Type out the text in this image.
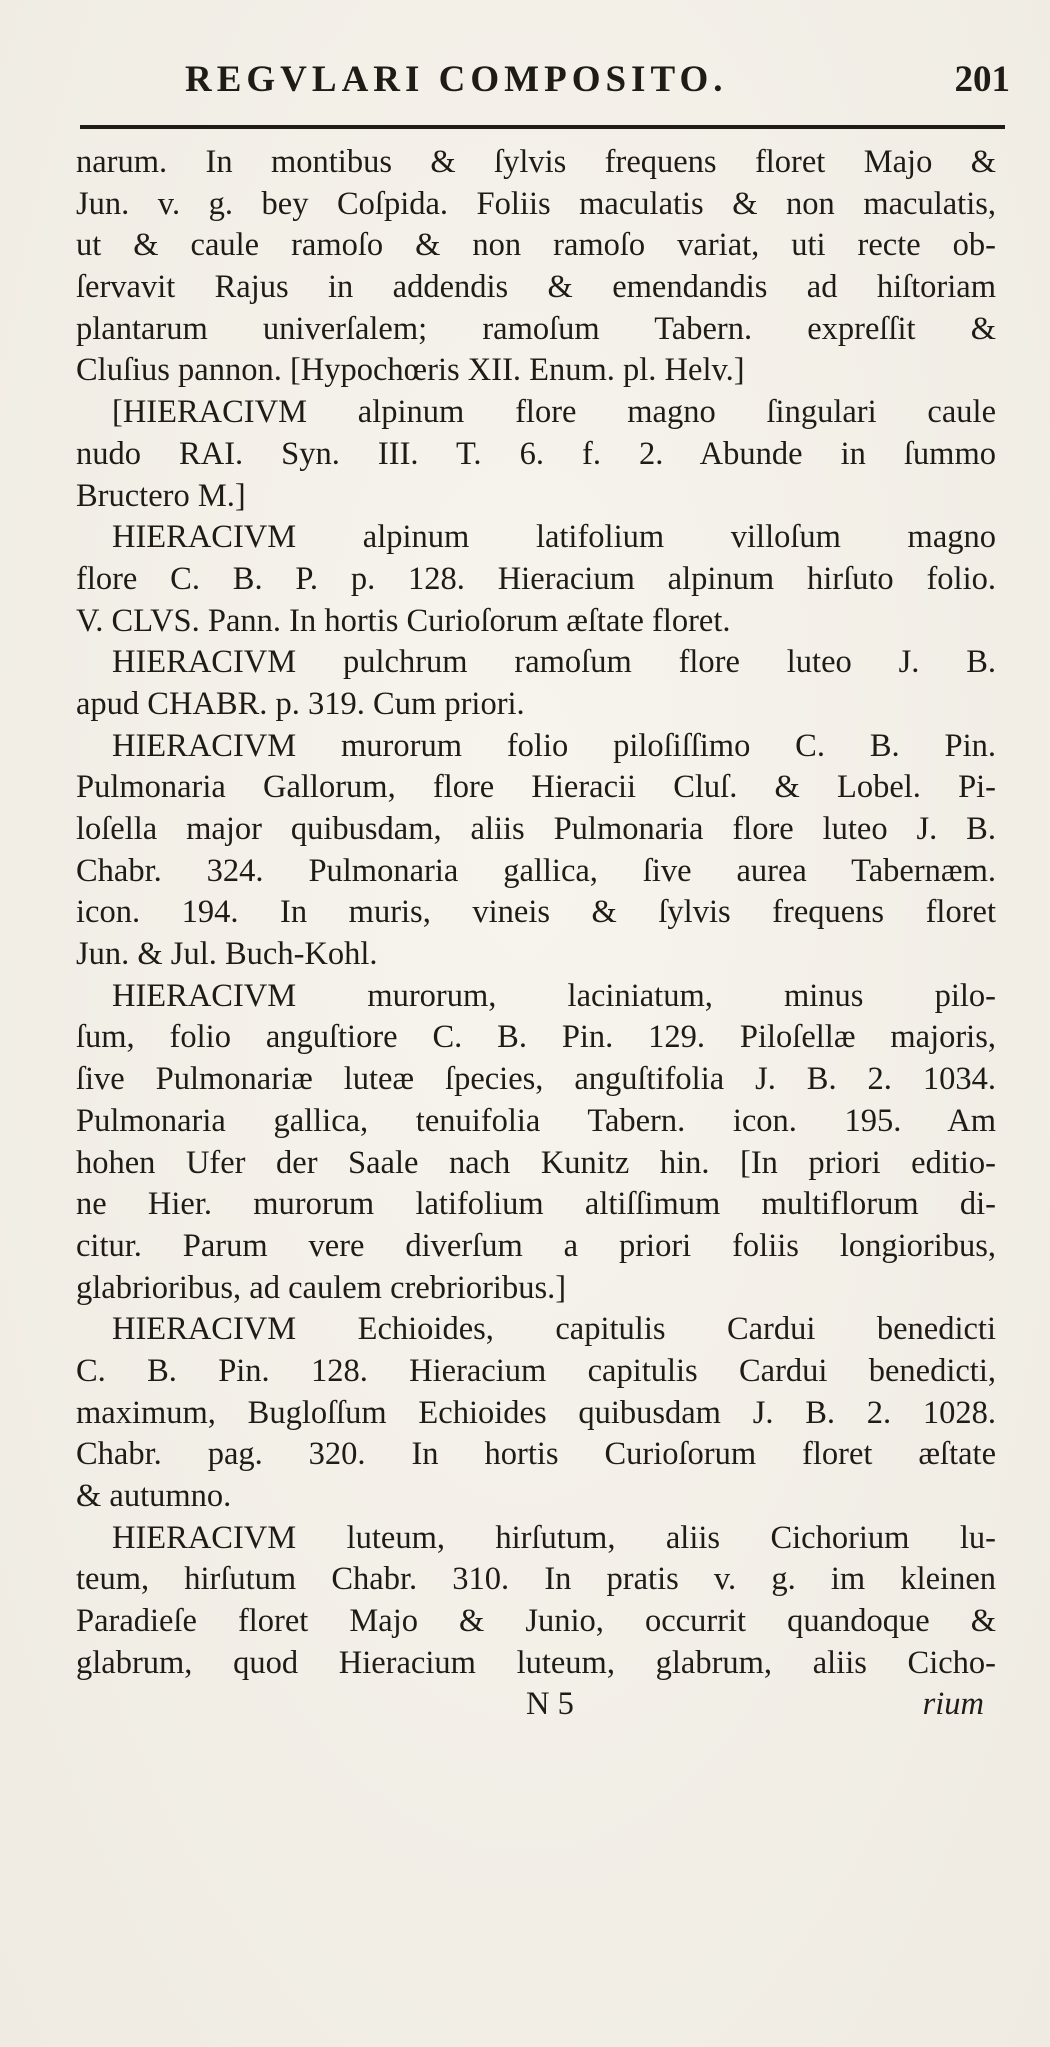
REGVLARI COMPOSITO.	201
narum. In montibus & ſylvis frequens floret Majo &
Jun. v. g. bey Coſpida. Foliis maculatis & non maculatis,
ut & caule ramoſo & non ramoſo variat, uti recte ob-
ſervavit Rajus in addendis & emendandis ad hiſtoriam
plantarum univerſalem; ramoſum Tabern. expreſſit &
Cluſius pannon. [Hypochœris XII. Enum. pl. Helv.]
[HIERACIVM alpinum flore magno ſingulari caule
nudo RAI. Syn. III. T. 6. f. 2. Abunde in ſummo
Bructero M.]
HIERACIVM alpinum latifolium villoſum magno
flore C. B. P. p. 128. Hieracium alpinum hirſuto folio.
V. CLVS. Pann. In hortis Curioſorum æſtate floret.
HIERACIVM pulchrum ramoſum flore luteo J. B.
apud CHABR. p. 319. Cum priori.
HIERACIVM murorum folio piloſiſſimo C. B. Pin.
Pulmonaria Gallorum, flore Hieracii Cluſ. & Lobel. Pi-
loſella major quibusdam, aliis Pulmonaria flore luteo J. B.
Chabr. 324. Pulmonaria gallica, ſive aurea Tabernæm.
icon. 194. In muris, vineis & ſylvis frequens floret
Jun. & Jul. Buch-Kohl.
HIERACIVM murorum, laciniatum, minus pilo-
ſum, folio anguſtiore C. B. Pin. 129. Piloſellæ majoris,
ſive Pulmonariæ luteæ ſpecies, anguſtifolia J. B. 2. 1034.
Pulmonaria gallica, tenuifolia Tabern. icon. 195. Am
hohen Ufer der Saale nach Kunitz hin. [In priori editio-
ne Hier. murorum latifolium altiſſimum multiflorum di-
citur. Parum vere diverſum a priori foliis longioribus,
glabrioribus, ad caulem crebrioribus.]
HIERACIVM Echioides, capitulis Cardui benedicti
C. B. Pin. 128. Hieracium capitulis Cardui benedicti,
maximum, Bugloſſum Echioides quibusdam J. B. 2. 1028.
Chabr. pag. 320. In hortis Curioſorum floret æſtate
& autumno.
HIERACIVM luteum, hirſutum, aliis Cichorium lu-
teum, hirſutum Chabr. 310. In pratis v. g. im kleinen
Paradieſe floret Majo & Junio, occurrit quandoque &
glabrum, quod Hieracium luteum, glabrum, aliis Cicho-
N 5	rium
